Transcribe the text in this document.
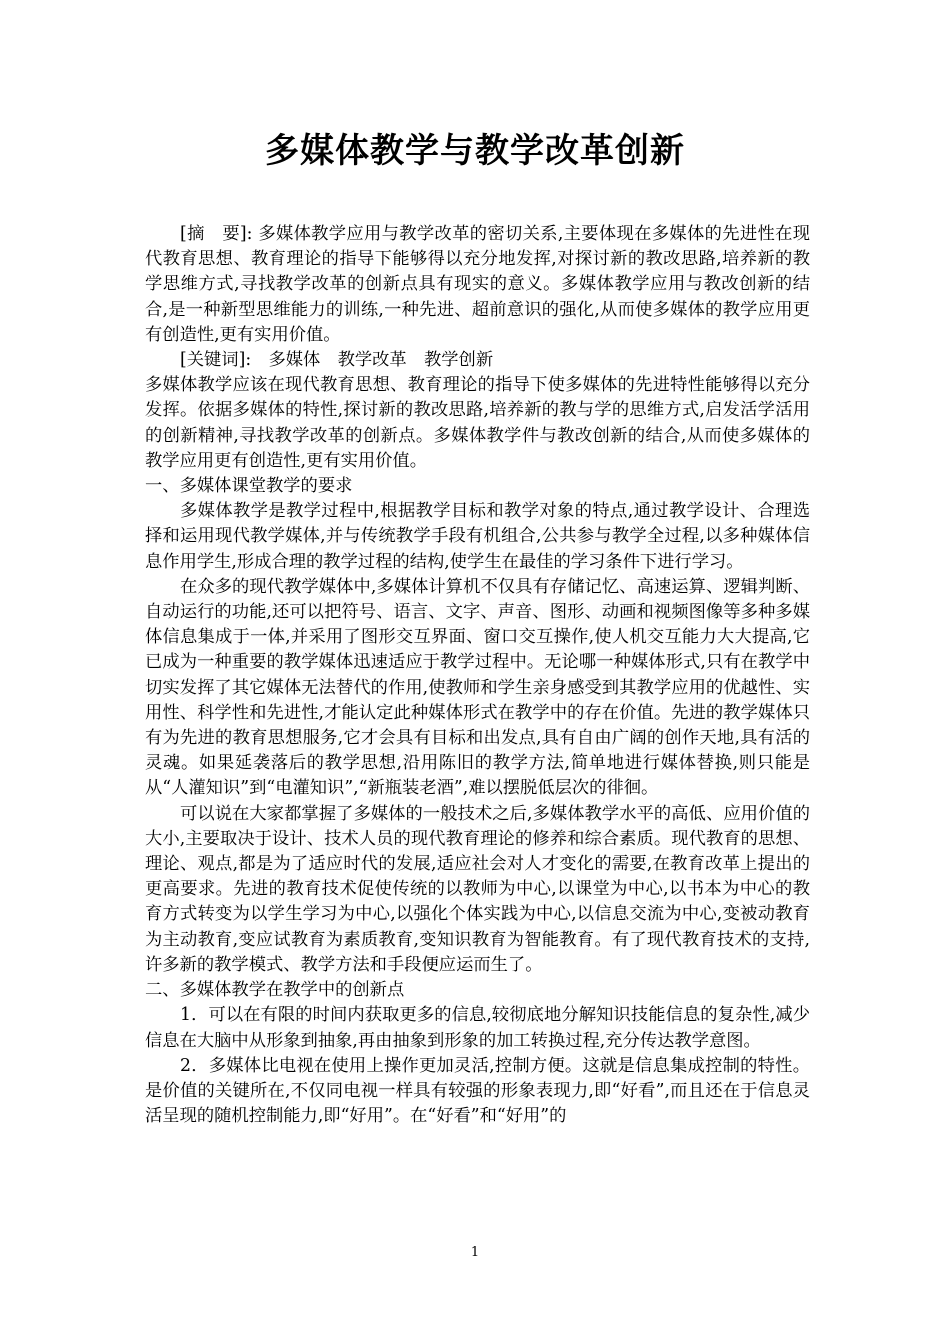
多媒体教学与教学改革创新

[摘　要]: 多媒体教学应用与教学改革的密切关系,主要体现在多媒体的先进性在现代教育思想、教育理论的指导下能够得以充分地发挥,对探讨新的教改思路,培养新的教学思维方式,寻找教学改革的创新点具有现实的意义。多媒体教学应用与教改创新的结合,是一种新型思维能力的训练,一种先进、超前意识的强化,从而使多媒体的教学应用更有创造性,更有实用价值。

[关键词]:　多媒体　教学改革　教学创新

多媒体教学应该在现代教育思想、教育理论的指导下使多媒体的先进特性能够得以充分发挥。依据多媒体的特性,探讨新的教改思路,培养新的教与学的思维方式,启发活学活用的创新精神,寻找教学改革的创新点。多媒体教学件与教改创新的结合,从而使多媒体的教学应用更有创造性,更有实用价值。

一、多媒体课堂教学的要求

多媒体教学是教学过程中,根据教学目标和教学对象的特点,通过教学设计、合理选择和运用现代教学媒体,并与传统教学手段有机组合,公共参与教学全过程,以多种媒体信息作用学生,形成合理的教学过程的结构,使学生在最佳的学习条件下进行学习。

在众多的现代教学媒体中,多媒体计算机不仅具有存储记忆、高速运算、逻辑判断、自动运行的功能,还可以把符号、语言、文字、声音、图形、动画和视频图像等多种多媒体信息集成于一体,并采用了图形交互界面、窗口交互操作,使人机交互能力大大提高,它已成为一种重要的教学媒体迅速适应于教学过程中。无论哪一种媒体形式,只有在教学中切实发挥了其它媒体无法替代的作用,使教师和学生亲身感受到其教学应用的优越性、实用性、科学性和先进性,才能认定此种媒体形式在教学中的存在价值。先进的教学媒体只有为先进的教育思想服务,它才会具有目标和出发点,具有自由广阔的创作天地,具有活的灵魂。如果延袭落后的教学思想,沿用陈旧的教学方法,简单地进行媒体替换,则只能是从“人灌知识”到“电灌知识”,“新瓶装老酒”,难以摆脱低层次的徘徊。

可以说在大家都掌握了多媒体的一般技术之后,多媒体教学水平的高低、应用价值的大小,主要取决于设计、技术人员的现代教育理论的修养和综合素质。现代教育的思想、理论、观点,都是为了适应时代的发展,适应社会对人才变化的需要,在教育改革上提出的更高要求。先进的教育技术促使传统的以教师为中心,以课堂为中心,以书本为中心的教育方式转变为以学生学习为中心,以强化个体实践为中心,以信息交流为中心,变被动教育为主动教育,变应试教育为素质教育,变知识教育为智能教育。有了现代教育技术的支持,许多新的教学模式、教学方法和手段便应运而生了。

二、多媒体教学在教学中的创新点

1．可以在有限的时间内获取更多的信息,较彻底地分解知识技能信息的复杂性,减少信息在大脑中从形象到抽象,再由抽象到形象的加工转换过程,充分传达教学意图。

2．多媒体比电视在使用上操作更加灵活,控制方便。这就是信息集成控制的特性。是价值的关键所在,不仅同电视一样具有较强的形象表现力,即“好看”,而且还在于信息灵活呈现的随机控制能力,即“好用”。在“好看”和“好用”的

1
